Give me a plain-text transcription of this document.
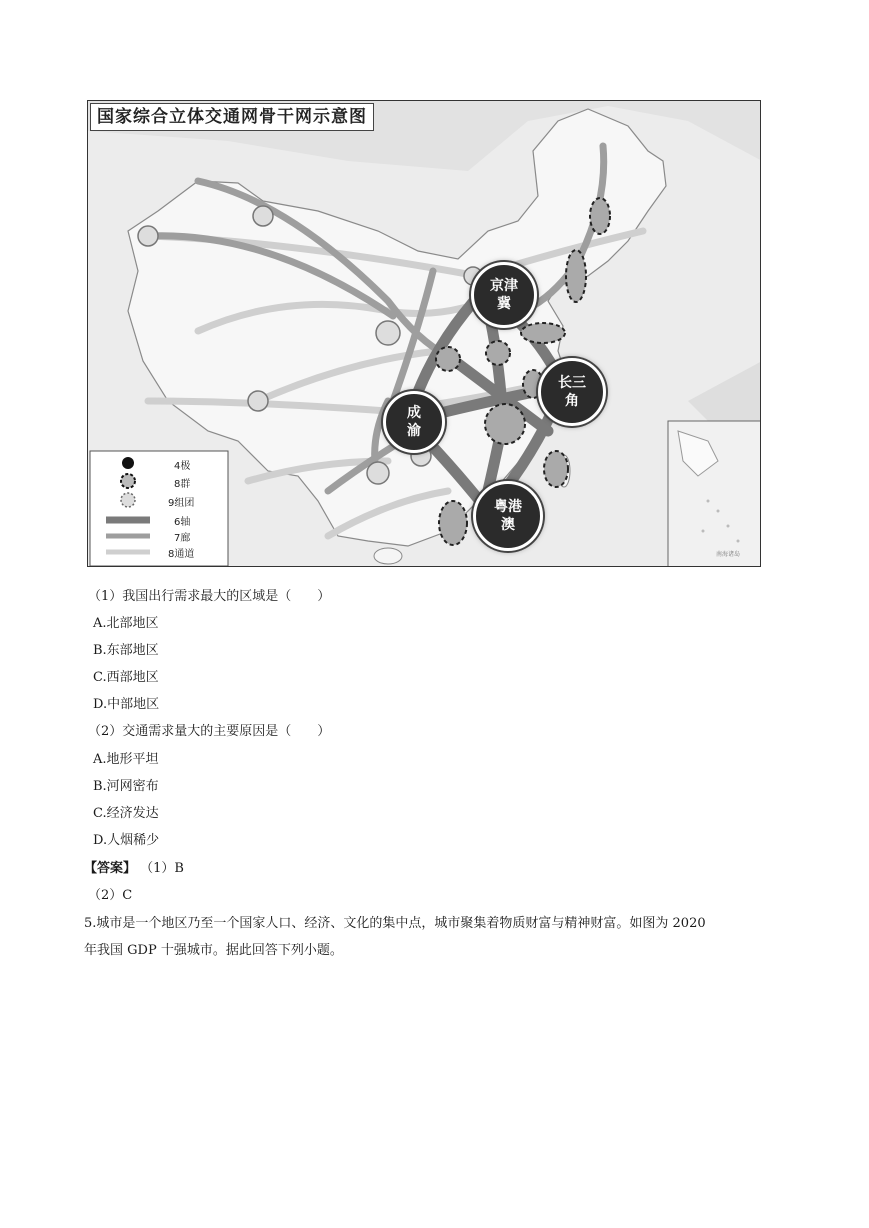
国家综合立体交通网骨干网示意图
京津
冀
长三
角
成
渝
粤港
澳
4极
8群
9组团
6轴
7廊
8通道	南海诸岛
（1）我国出行需求最大的区域是（　　）
A.北部地区
B.东部地区
C.西部地区
D.中部地区
（2）交通需求量大的主要原因是（　　）
A.地形平坦
B.河网密布
C.经济发达
D.人烟稀少
【答案】 （1）B
（2）C
5.城市是一个地区乃至一个国家人口、经济、文化的集中点，城市聚集着物质财富与精神财富。如图为 2020
年我国 GDP 十强城市。据此回答下列小题。
